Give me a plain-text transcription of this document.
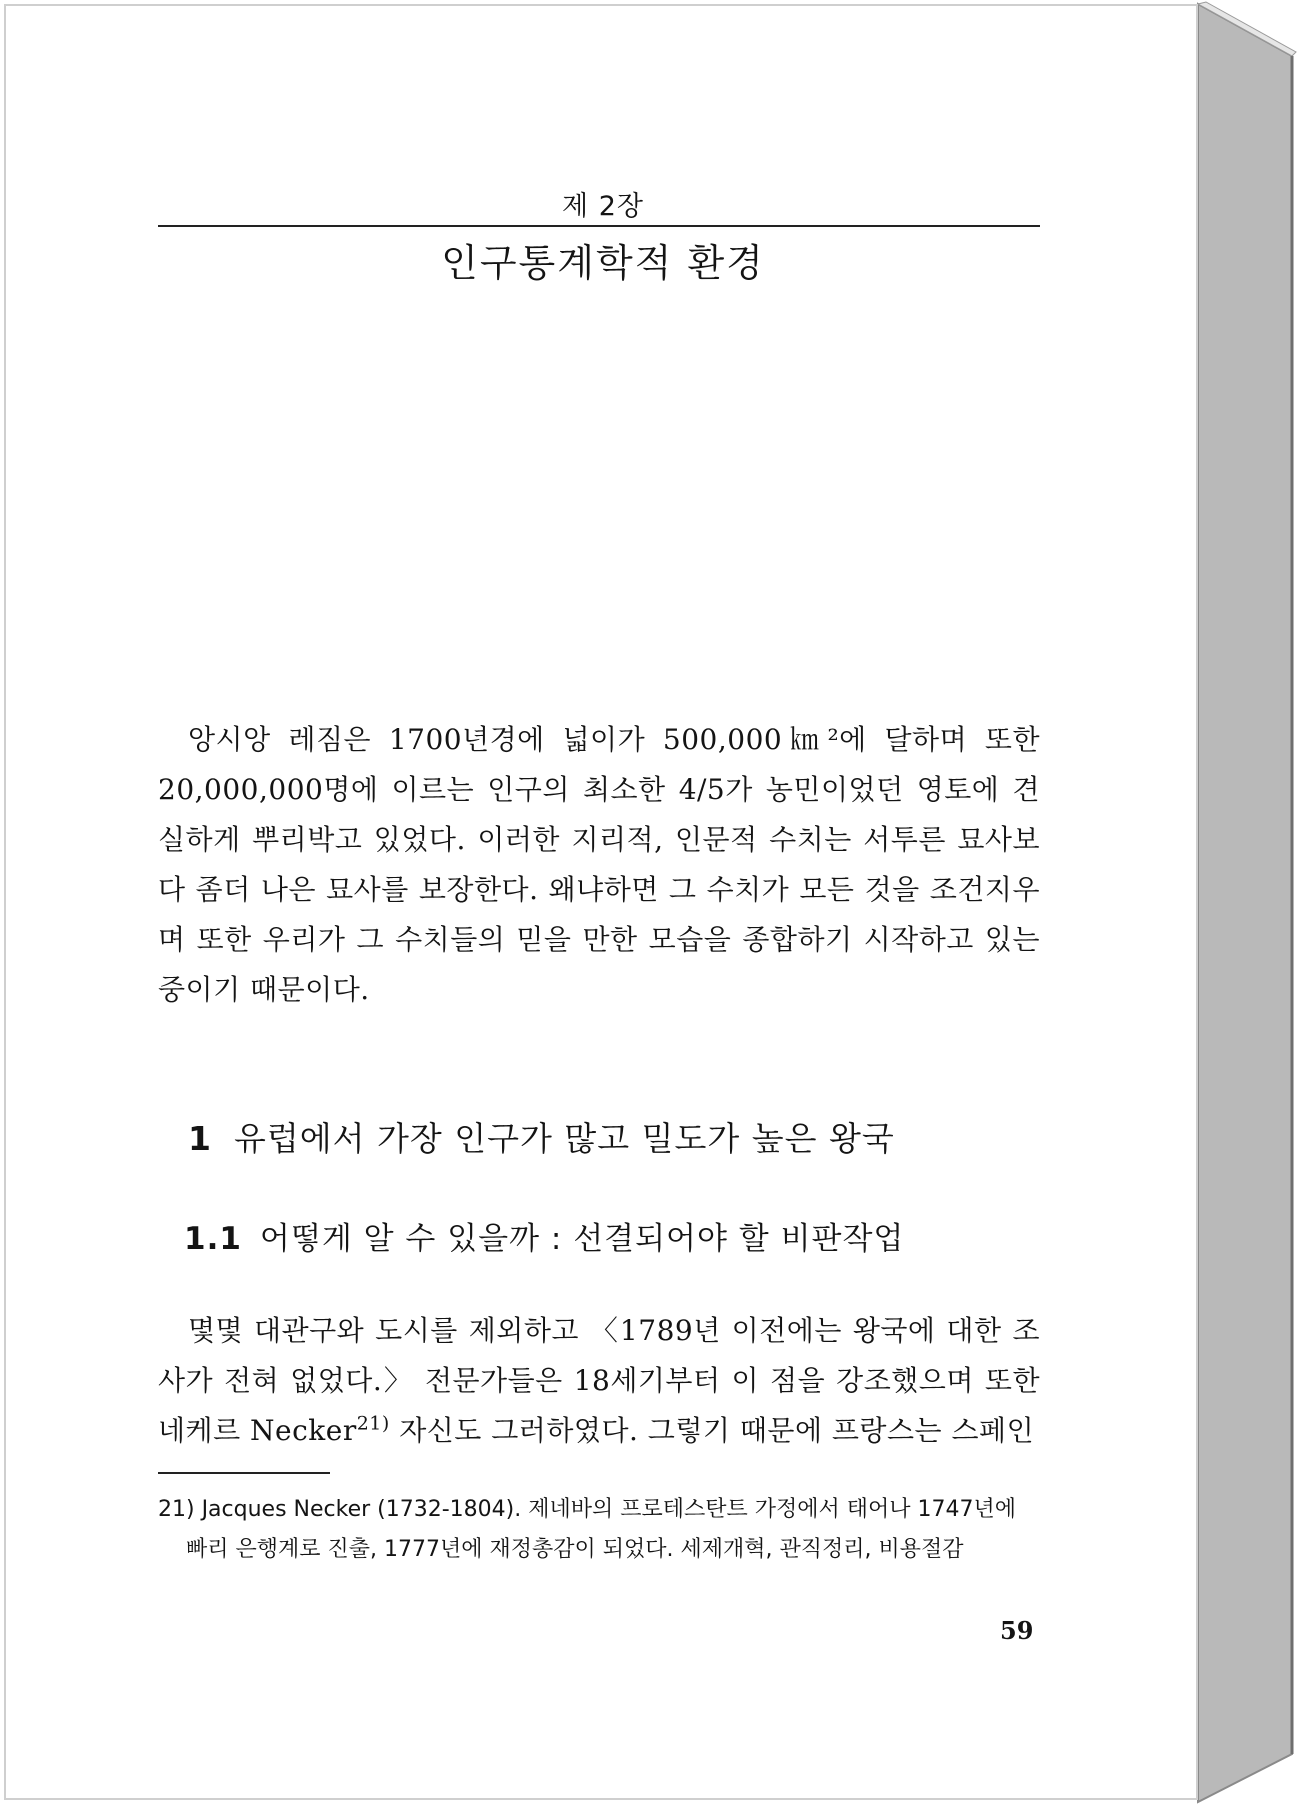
제 2장
인구통계학적 환경

앙시앙 레짐은 1700년경에 넓이가 500,000㎞²에 달하며 또한 20,000,000명에 이르는 인구의 최소한 4/5가 농민이었던 영토에 견실하게 뿌리박고 있었다. 이러한 지리적, 인문적 수치는 서투른 묘사보다 좀더 나은 묘사를 보장한다. 왜냐하면 그 수치가 모든 것을 조건지우며 또한 우리가 그 수치들의 믿을 만한 모습을 종합하기 시작하고 있는 중이기 때문이다.

1 유럽에서 가장 인구가 많고 밀도가 높은 왕국
1.1 어떻게 알 수 있을까 : 선결되어야 할 비판작업

몇몇 대관구와 도시를 제외하고 〈1789년 이전에는 왕국에 대한 조사가 전혀 없었다.〉 전문가들은 18세기부터 이 점을 강조했으며 또한 네케르 Necker$^{21)}$ 자신도 그러하였다. 그렇기 때문에 프랑스는 스페인

21) Jacques Necker (1732-1804). 제네바의 프로테스탄트 가정에서 태어나 1747년에
빠리 은행계로 진출, 1777년에 재정총감이 되었다. 세제개혁, 관직정리, 비용절감
59
